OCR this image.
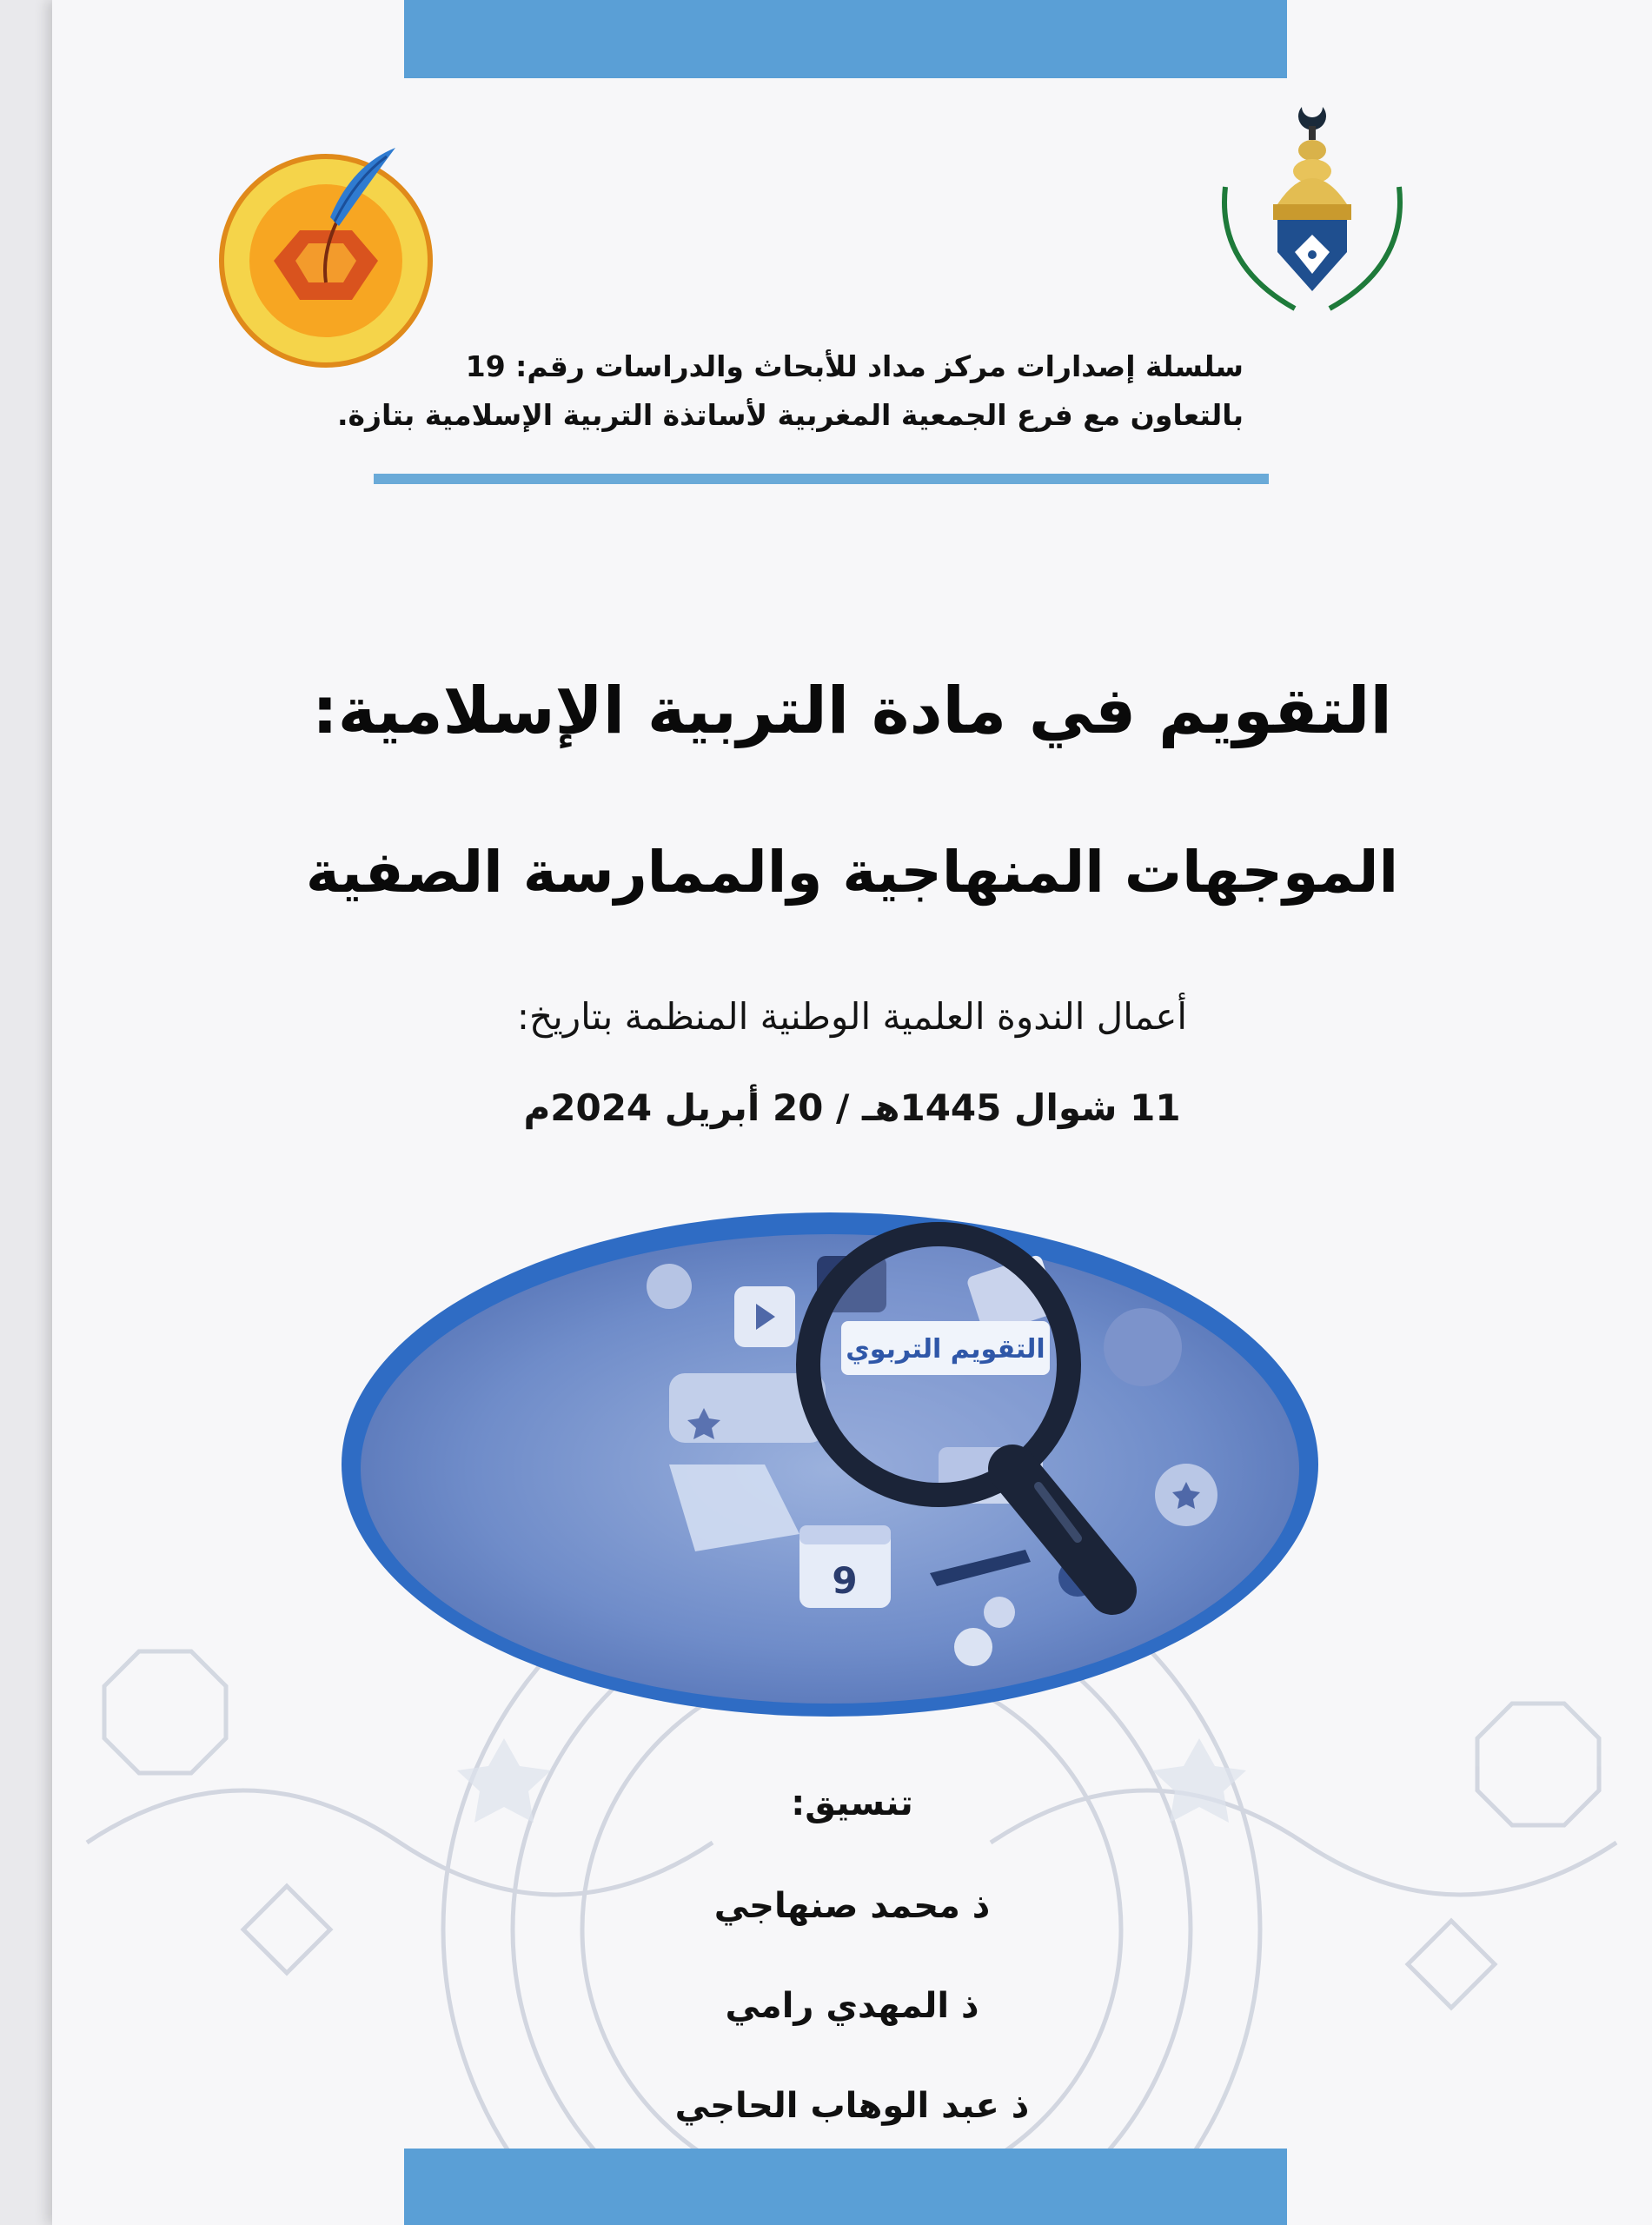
سلسلة إصدارات مركز مداد للأبحاث والدراسات رقم: 19
بالتعاون مع فرع الجمعية المغربية لأساتذة التربية الإسلامية بتازة.
التقويم في مادة التربية الإسلامية:
الموجهات المنهاجية والممارسة الصفية
أعمال الندوة العلمية الوطنية المنظمة بتاريخ:
11 شوال 1445هـ / 20 أبريل 2024م
9
التقويم التربوي
تنسيق:
ذ محمد صنهاجي
ذ المهدي رامي
ذ عبد الوهاب الحاجي
